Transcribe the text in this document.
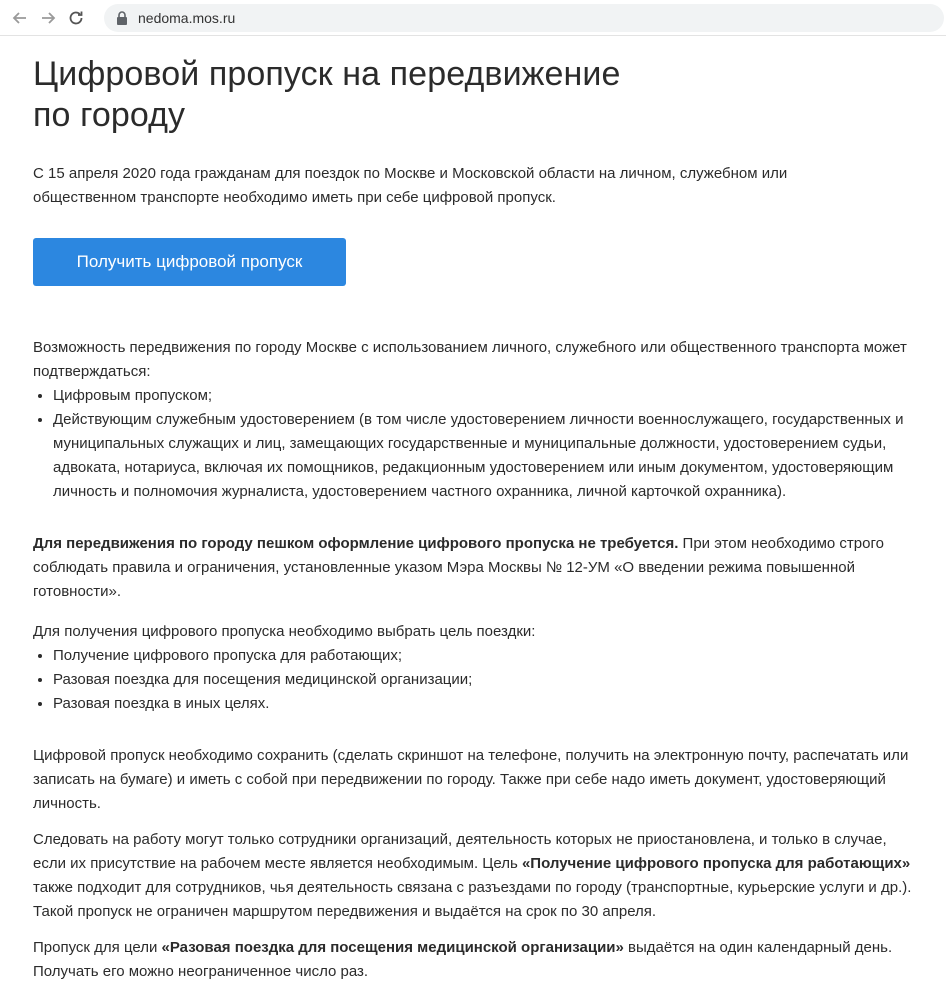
nedoma.mos.ru
Цифровой пропуск на передвижение
по городу

С 15 апреля 2020 года гражданам для поездок по Москве и Московской области на личном, служебном или общественном транспорте необходимо иметь при себе цифровой пропуск.

Получить цифровой пропуск

Возможность передвижения по городу Москве с использованием личного, служебного или общественного транспорта может подтверждаться:

• Цифровым пропуском;
• Действующим служебным удостоверением (в том числе удостоверением личности военнослужащего, государственных и муниципальных служащих и лиц, замещающих государственные и муниципальные должности, удостоверением судьи, адвоката, нотариуса, включая их помощников, редакционным удостоверением или иным документом, удостоверяющим личность и полномочия журналиста, удостоверением частного охранника, личной карточкой охранника).

Для передвижения по городу пешком оформление цифрового пропуска не требуется. При этом необходимо строго соблюдать правила и ограничения, установленные указом Мэра Москвы № 12-УМ «О введении режима повышенной готовности».

Для получения цифрового пропуска необходимо выбрать цель поездки:

• Получение цифрового пропуска для работающих;
• Разовая поездка для посещения медицинской организации;
• Разовая поездка в иных целях.

Цифровой пропуск необходимо сохранить (сделать скриншот на телефоне, получить на электронную почту, распечатать или записать на бумаге) и иметь с собой при передвижении по городу. Также при себе надо иметь документ, удостоверяющий личность.

Следовать на работу могут только сотрудники организаций, деятельность которых не приостановлена, и только в случае, если их присутствие на рабочем месте является необходимым. Цель «Получение цифрового пропуска для работающих» также подходит для сотрудников, чья деятельность связана с разъездами по городу (транспортные, курьерские услуги и др.). Такой пропуск не ограничен маршрутом передвижения и выдаётся на срок по 30 апреля.

Пропуск для цели «Разовая поездка для посещения медицинской организации» выдаётся на один календарный день. Получать его можно неограниченное число раз.
